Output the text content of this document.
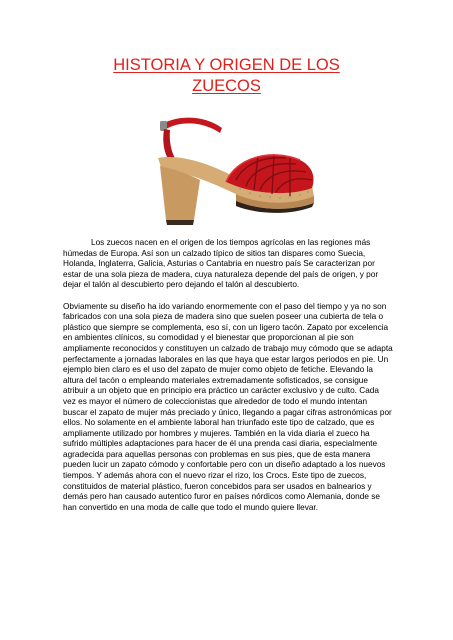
HISTORIA Y ORIGEN DE LOS
ZUECOS

Los zuecos nacen en el origen de los tiempos agrícolas en las regiones más húmedas de Europa. Así son un calzado típico de sitios tan dispares como Suecia, Holanda, Inglaterra, Galicia, Asturias o Cantabria en nuestro país Se caracterizan por estar de una sola pieza de madera, cuya naturaleza depende del país de origen, y por dejar el talón al descubierto pero dejando el talón al descubierto.

Obviamente su diseño ha ido variando enormemente con el paso del tiempo y ya no son fabricados con una sola pieza de madera sino que suelen poseer una cubierta de tela o plástico que siempre se complementa, eso sí, con un ligero tacón. Zapato por excelencia en ambientes clínicos, su comodidad y el bienestar que proporcionan al pie son ampliamente reconocidos y constituyen un calzado de trabajo muy cómodo que se adapta perfectamente a jornadas laborales en las que haya que estar largos periodos en pie. Un ejemplo bien claro es el uso del zapato de mujer como objeto de fetiche. Elevando la altura del tacón o empleando materiales extremadamente sofisticados, se consigue atribuir a un objeto que en principio era práctico un carácter exclusivo y de culto. Cada vez es mayor el número de coleccionistas que alrededor de todo el mundo intentan buscar el zapato de mujer más preciado y único, llegando a pagar cifras astronómicas por ellos. No solamente en el ambiente laboral han triunfado este tipo de calzado, que es ampliamente utilizado por hombres y mujeres. También en la vida diaria el zueco ha sufrido múltiples adaptaciones para hacer de él una prenda casi diaria, especialmente agradecida para aquellas personas con problemas en sus pies, que de esta manera pueden lucir un zapato cómodo y confortable pero con un diseño adaptado a los nuevos tiempos. Y además ahora con el nuevo rizar el rizo, los Crocs. Este tipo de zuecos, constituidos de material plástico, fueron concebidos para ser usados en balnearios y demás pero han causado autentico furor en países nórdicos como Alemania, donde se han convertido en una moda de calle que todo el mundo quiere llevar.
